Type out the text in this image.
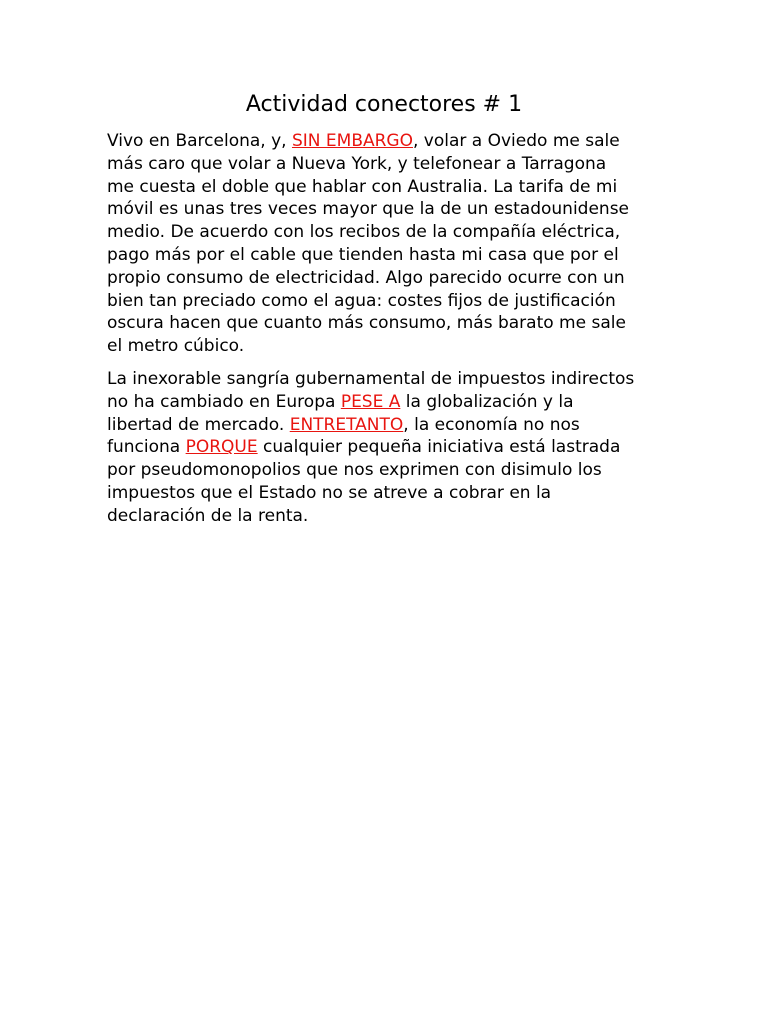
Actividad conectores # 1

Vivo en Barcelona, y, SIN EMBARGO, volar a Oviedo me sale
más caro que volar a Nueva York, y telefonear a Tarragona
me cuesta el doble que hablar con Australia. La tarifa de mi
móvil es unas tres veces mayor que la de un estadounidense
medio. De acuerdo con los recibos de la compañía eléctrica,
pago más por el cable que tienden hasta mi casa que por el
propio consumo de electricidad. Algo parecido ocurre con un
bien tan preciado como el agua: costes fijos de justificación
oscura hacen que cuanto más consumo, más barato me sale
el metro cúbico.

La inexorable sangría gubernamental de impuestos indirectos
no ha cambiado en Europa PESE A la globalización y la
libertad de mercado. ENTRETANTO, la economía no nos
funciona PORQUE cualquier pequeña iniciativa está lastrada
por pseudomonopolios que nos exprimen con disimulo los
impuestos que el Estado no se atreve a cobrar en la
declaración de la renta.
